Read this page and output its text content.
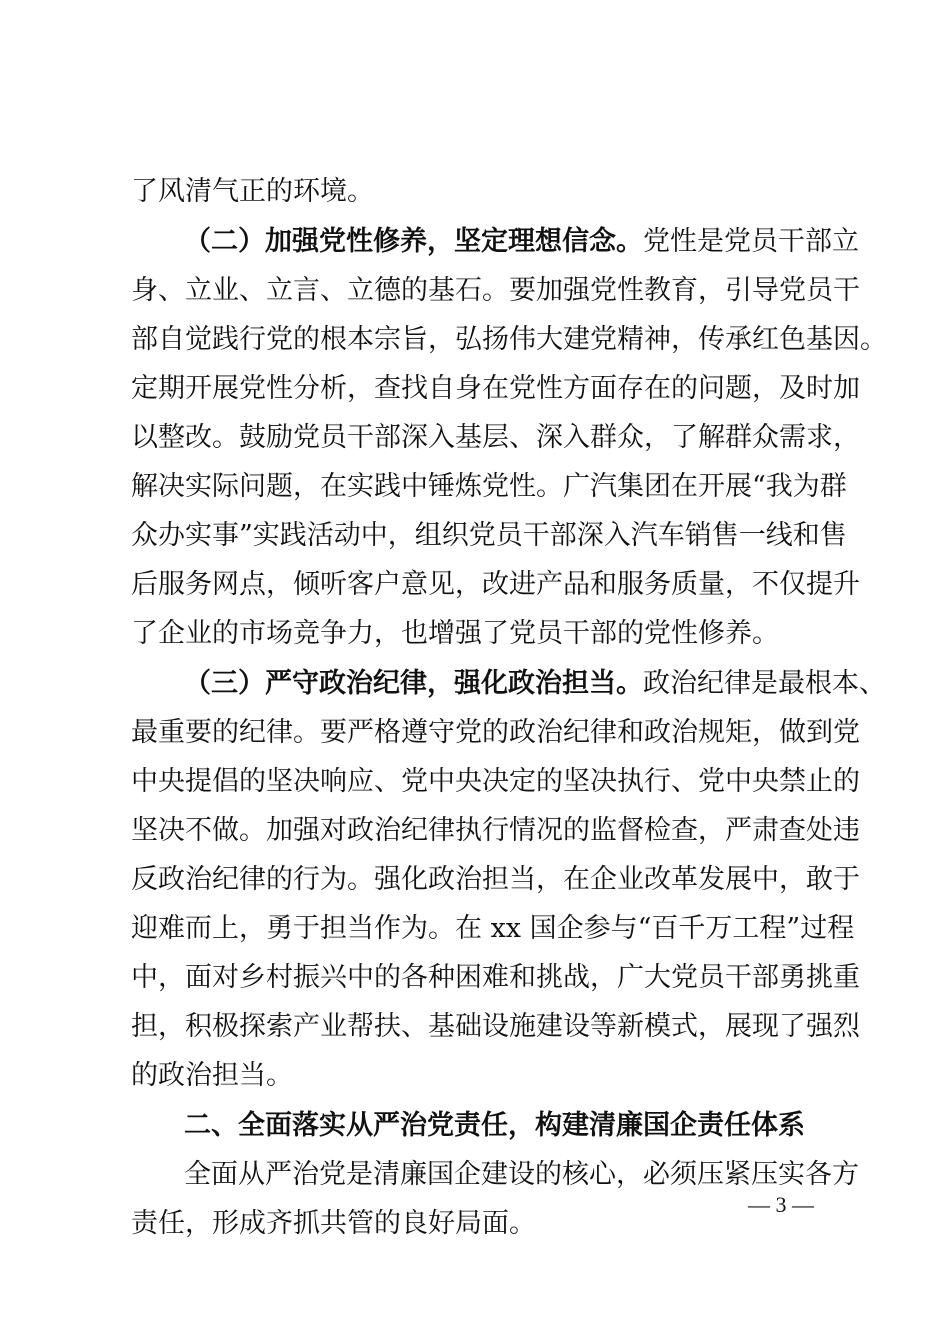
了风清气正的环境。
（二）加强党性修养，坚定理想信念。党性是党员干部立
身、立业、立言、立德的基石。要加强党性教育，引导党员干
部自觉践行党的根本宗旨，弘扬伟大建党精神，传承红色基因。
定期开展党性分析，查找自身在党性方面存在的问题，及时加
以整改。鼓励党员干部深入基层、深入群众，了解群众需求，
解决实际问题，在实践中锤炼党性。广汽集团在开展“我为群
众办实事”实践活动中，组织党员干部深入汽车销售一线和售
后服务网点，倾听客户意见，改进产品和服务质量，不仅提升
了企业的市场竞争力，也增强了党员干部的党性修养。
（三）严守政治纪律，强化政治担当。政治纪律是最根本、
最重要的纪律。要严格遵守党的政治纪律和政治规矩，做到党
中央提倡的坚决响应、党中央决定的坚决执行、党中央禁止的
坚决不做。加强对政治纪律执行情况的监督检查，严肃查处违
反政治纪律的行为。强化政治担当，在企业改革发展中，敢于
迎难而上，勇于担当作为。在 xx 国企参与“百千万工程”过程
中，面对乡村振兴中的各种困难和挑战，广大党员干部勇挑重
担，积极探索产业帮扶、基础设施建设等新模式，展现了强烈
的政治担当。
二、全面落实从严治党责任，构建清廉国企责任体系
全面从严治党是清廉国企建设的核心，必须压紧压实各方
责任，形成齐抓共管的良好局面。
— 3 —
